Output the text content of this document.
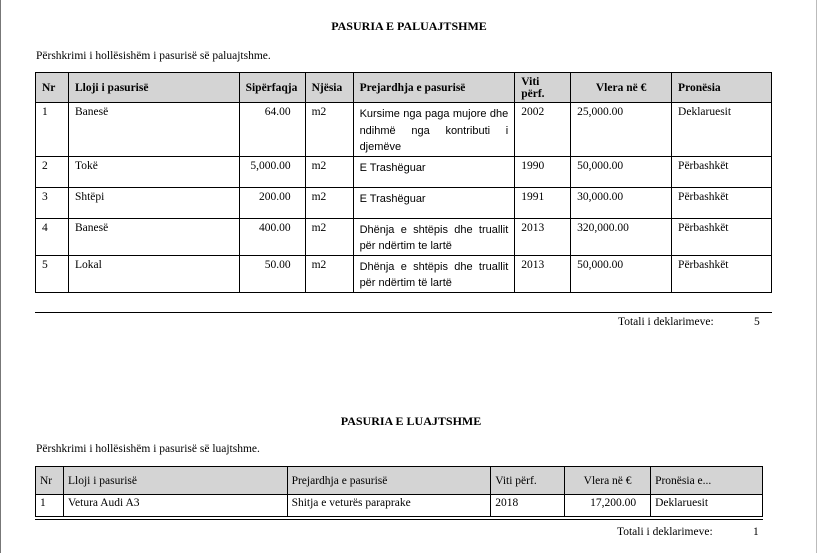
PASURIA E PALUAJTSHME
Përshkrimi i hollësishëm i pasurisë së paluajtshme.
Nr	Lloji i pasurisë	Sipërfaqja	Njësia	Prejardhja e pasurisë	Viti përf.	Vlera në €	Pronësia
1	Banesë	64.00	m2	Kursime nga paga mujore dhe ndihmë nga kontributi i djemëve	2002	25,000.00	Deklaruesit
2	Tokë	5,000.00	m2	E Trashëguar	1990	50,000.00	Përbashkët
3	Shtëpi	200.00	m2	E Trashëguar	1991	30,000.00	Përbashkët
4	Banesë	400.00	m2	Dhënja e shtëpis dhe truallit për ndërtim te lartë	2013	320,000.00	Përbashkët
5	Lokal	50.00	m2	Dhënja e shtëpis dhe truallit për ndërtim të lartë	2013	50,000.00	Përbashkët
Totali i deklarimeve:	5
PASURIA E LUAJTSHME
Përshkrimi i hollësishëm i pasurisë së luajtshme.
Nr	Lloji i pasurisë	Prejardhja e pasurisë	Viti përf.	Vlera në €	Pronësia e...
1	Vetura Audi A3	Shitja e veturës paraprake	2018	17,200.00	Deklaruesit
Totali i deklarimeve:	1
